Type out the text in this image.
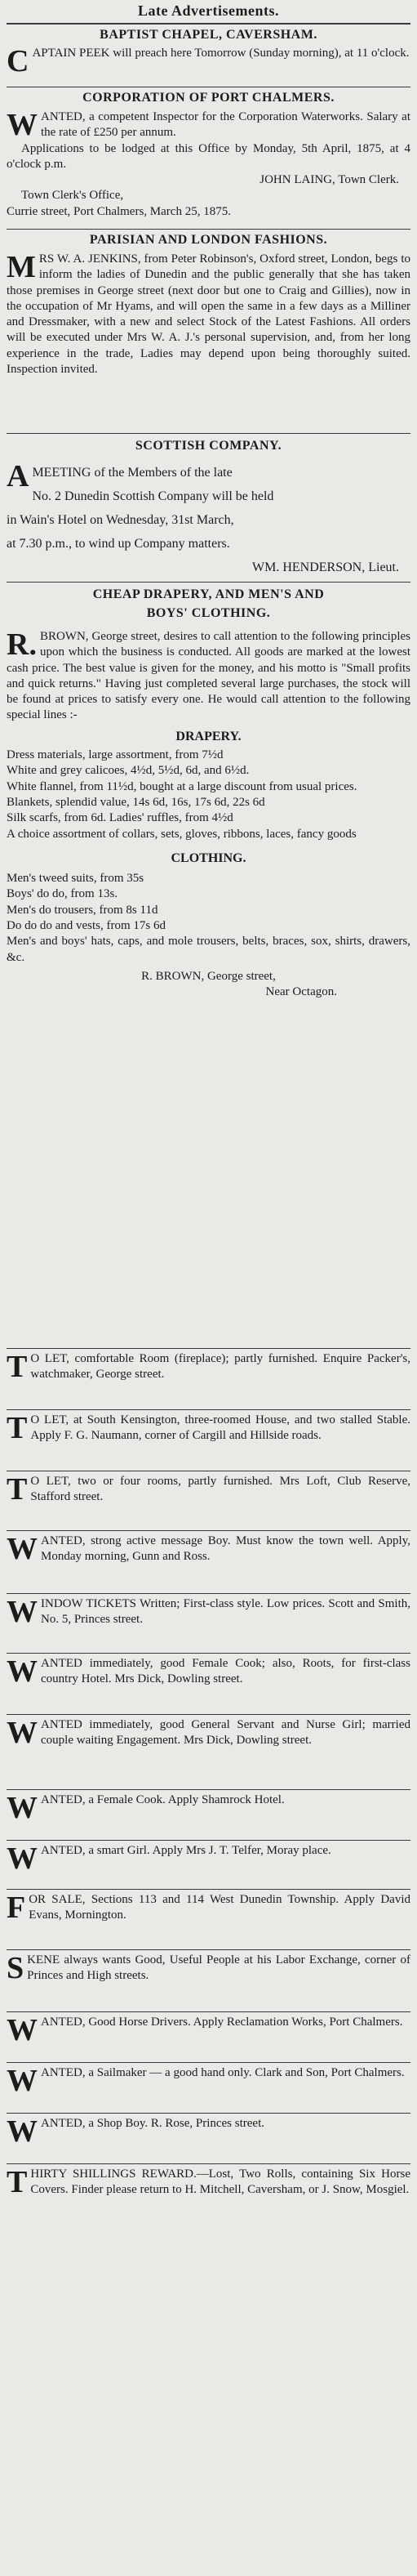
Late Advertisements.
BAPTIST CHAPEL, CAVERSHAM.
CAPTAIN PEEK will preach here Tomorrow (Sunday morning), at 11 o'clock.
CORPORATION OF PORT CHALMERS.
WANTED, a competent Inspector for the Corporation Waterworks. Salary at the rate of £250 per annum.

Applications to be lodged at this Office by Monday, 5th April, 1875, at 4 o'clock p.m.

JOHN LAING, Town Clerk.

Town Clerk's Office,

Currie street, Port Chalmers, March 25, 1875.

PARISIAN AND LONDON FASHIONS.
MRS W. A. JENKINS, from Peter Robinson's, Oxford street, London, begs to inform the ladies of Dunedin and the public generally that she has taken those premises in George street (next door but one to Craig and Gillies), now in the occupation of Mr Hyams, and will open the same in a few days as a Milliner and Dressmaker, with a new and select Stock of the Latest Fashions. All orders will be executed under Mrs W. A. J.'s personal supervision, and, from her long experience in the trade, Ladies may depend upon being thoroughly suited. Inspection invited.
SCOTTISH COMPANY.
AMEETING of the Members of the late

No. 2 Dunedin Scottish Company will be held

in Wain's Hotel on Wednesday, 31st March,

at 7.30 p.m., to wind up Company matters.

WM. HENDERSON, Lieut.

CHEAP DRAPERY, AND MEN'S AND
BOYS' CLOTHING.
R. BROWN, George street, desires to call attention to the following principles upon which the business is conducted. All goods are marked at the lowest cash price. The best value is given for the money, and his motto is "Small profits and quick returns." Having just completed several large purchases, the stock will be found at prices to satisfy every one. He would call attention to the following special lines :-

DRAPERY.

Dress materials, large assortment, from 7½d

White and grey calicoes, 4½d, 5½d, 6d, and 6½d.

White flannel, from 11½d, bought at a large discount from usual prices.

Blankets, splendid value, 14s 6d, 16s, 17s 6d, 22s 6d

Silk scarfs, from 6d. Ladies' ruffles, from 4½d

A choice assortment of collars, sets, gloves, ribbons, laces, fancy goods

CLOTHING.

Men's tweed suits, from 35s

Boys' do do, from 13s.

Men's do trousers, from 8s 11d

Do do do and vests, from 17s 6d

Men's and boys' hats, caps, and mole trousers, belts, braces, sox, shirts, drawers, &c.

R. BROWN, George street,

Near Octagon.

T O LET, comfortable Room (fireplace); partly furnished. Enquire Packer's, watchmaker, George street.
T O LET, at South Kensington, three-roomed House, and two stalled Stable. Apply F. G. Naumann, corner of Cargill and Hillside roads.
T O LET, two or four rooms, partly furnished. Mrs Loft, Club Reserve, Stafford street.
WANTED, strong active message Boy. Must know the town well. Apply, Monday morning, Gunn and Ross.
WINDOW TICKETS Written; First-class style. Low prices. Scott and Smith, No. 5, Princes street.
WANTED immediately, good Female Cook; also, Roots, for first-class country Hotel. Mrs Dick, Dowling street.
WANTED immediately, good General Servant and Nurse Girl; married couple waiting Engagement. Mrs Dick, Dowling street.
WANTED, a Female Cook. Apply Shamrock Hotel.
WANTED, a smart Girl. Apply Mrs J. T. Telfer, Moray place.
FOR SALE, Sections 113 and 114 West Dunedin Township. Apply David Evans, Mornington.
SKENE always wants Good, Useful People at his Labor Exchange, corner of Princes and High streets.
WANTED, Good Horse Drivers. Apply Reclamation Works, Port Chalmers.
WANTED, a Sailmaker — a good hand only. Clark and Son, Port Chalmers.
WANTED, a Shop Boy. R. Rose, Princes street.
THIRTY SHILLINGS REWARD.—Lost, Two Rolls, containing Six Horse Covers. Finder please return to H. Mitchell, Caversham, or J. Snow, Mosgiel.
